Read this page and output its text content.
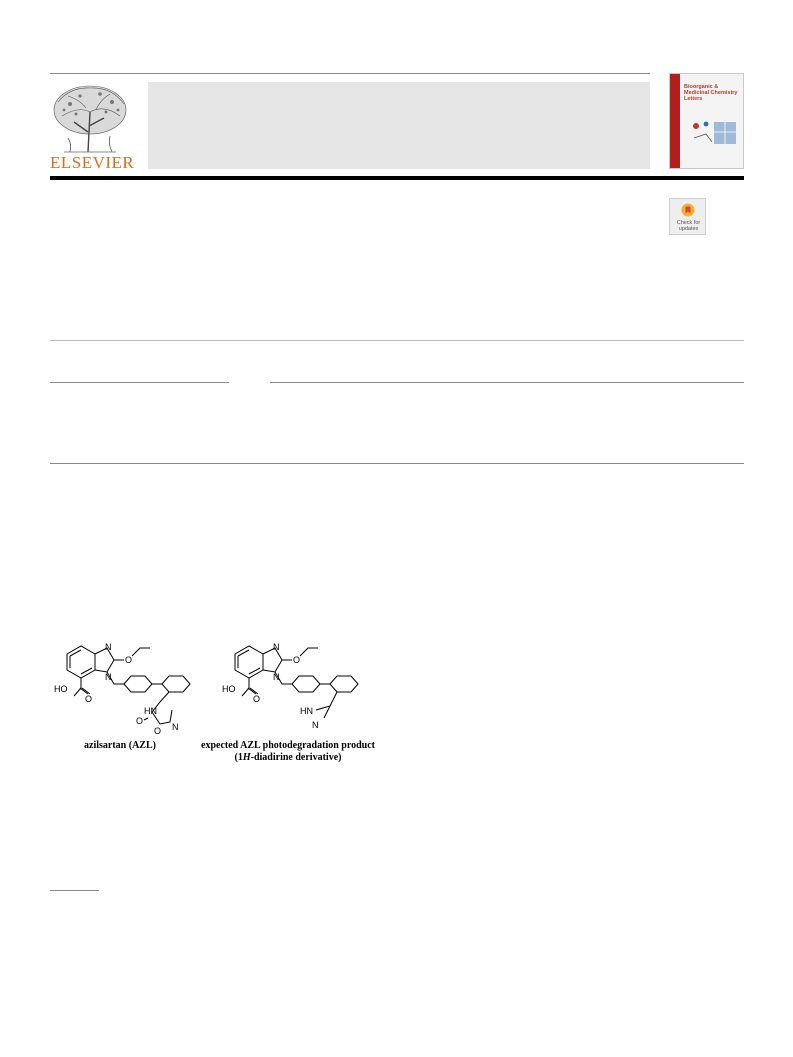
ELSEVIER
Bioorganic & Medicinal Chemistry Letters
Check for
updates
N
O
N
HO
O
HN
O
O N
azilsartan (AZL)
N
O
N
HO
O
HN
N
expected AZL photodegradation product
(1H-diadirine derivative)
